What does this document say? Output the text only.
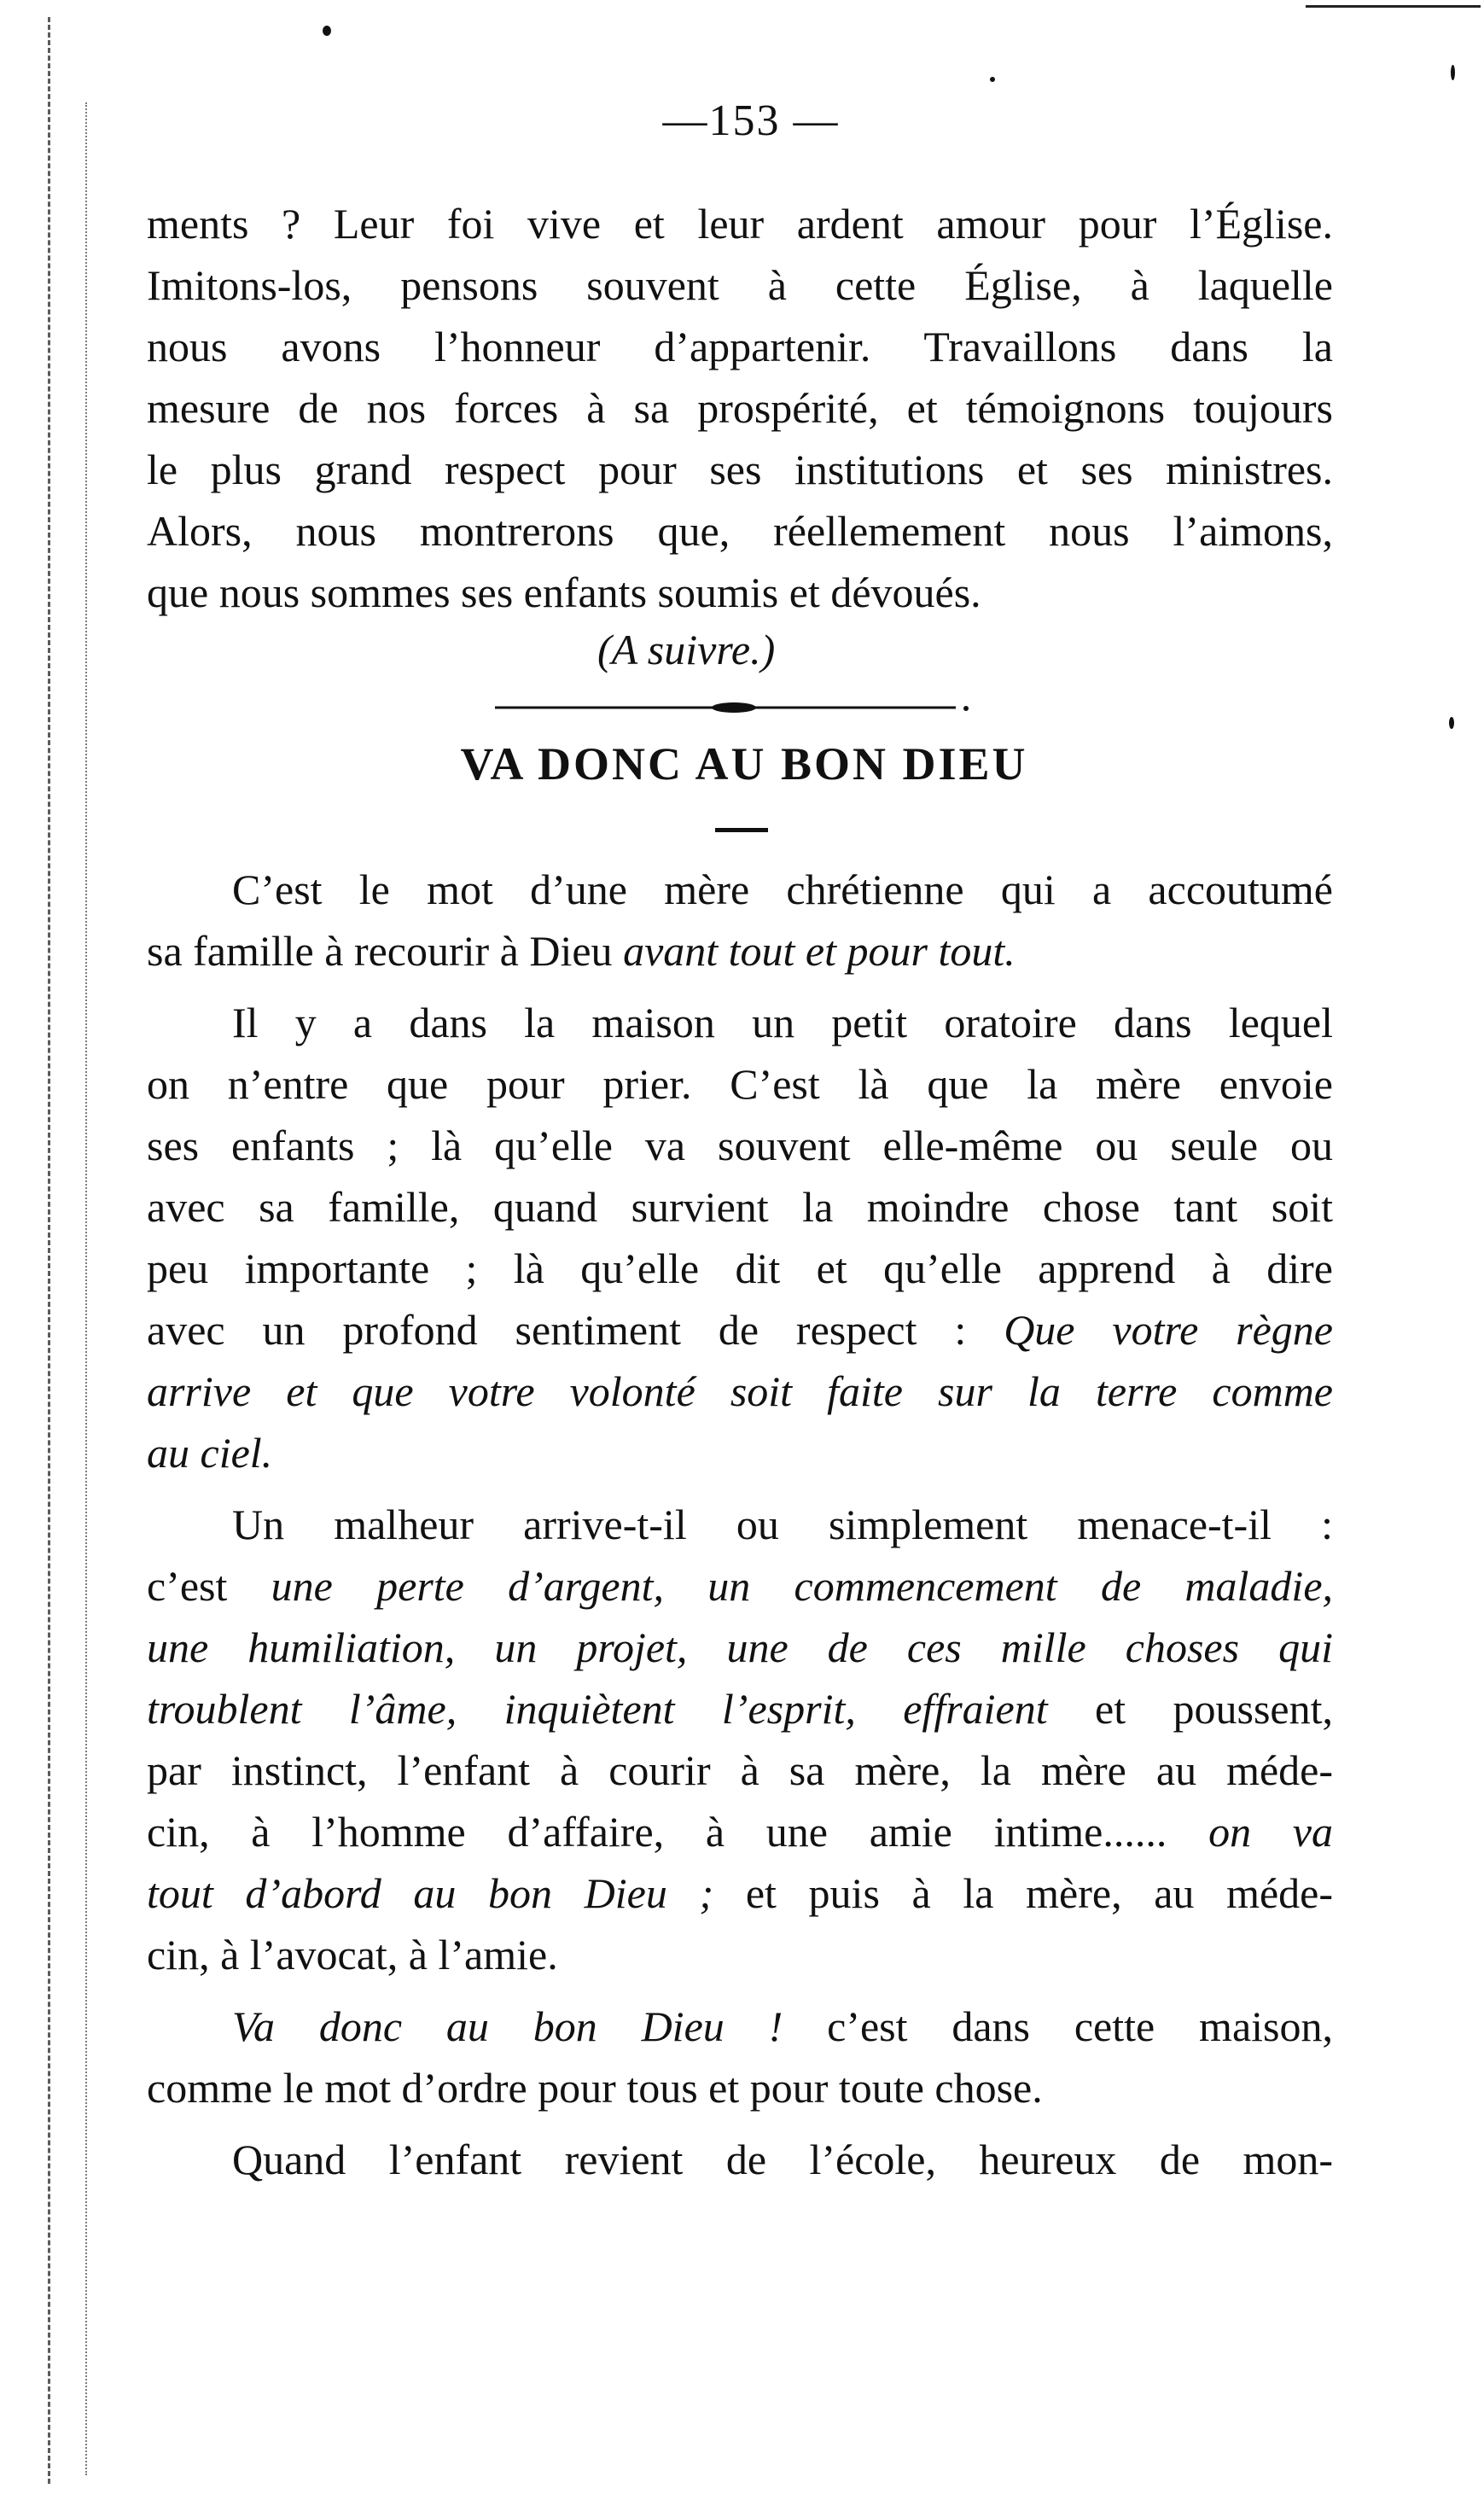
—153 —
ments ? Leur foi vive et leur ardent amour pour l’Église.
Imitons-los, pensons souvent à cette Église, à laquelle
nous avons l’honneur d’appartenir. Travaillons dans la
mesure de nos forces à sa prospérité, et témoignons toujours
le plus grand respect pour ses institutions et ses ministres.
Alors, nous montrerons que, réellemement nous l’aimons,
que nous sommes ses enfants soumis et dévoués.
(A suivre.)
VA DONC AU BON DIEU
C’est le mot d’une mère chrétienne qui a accoutumé
sa famille à recourir à Dieu avant tout et pour tout.
Il y a dans la maison un petit oratoire dans lequel
on n’entre que pour prier. C’est là que la mère envoie
ses enfants ; là qu’elle va souvent elle-même ou seule ou
avec sa famille, quand survient la moindre chose tant soit
peu importante ; là qu’elle dit et qu’elle apprend à dire
avec un profond sentiment de respect : Que votre règne
arrive et que votre volonté soit faite sur la terre comme
au ciel.
Un malheur arrive-t-il ou simplement menace-t-il :
c’est une perte d’argent, un commencement de maladie,
une humiliation, un projet, une de ces mille choses qui
troublent l’âme, inquiètent l’esprit, effraient et poussent,
par instinct, l’enfant à courir à sa mère, la mère au méde-
cin, à l’homme d’affaire, à une amie intime...... on va
tout d’abord au bon Dieu ; et puis à la mère, au méde-
cin, à l’avocat, à l’amie.
Va donc au bon Dieu ! c’est dans cette maison,
comme le mot d’ordre pour tous et pour toute chose.
Quand l’enfant revient de l’école, heureux de mon-
